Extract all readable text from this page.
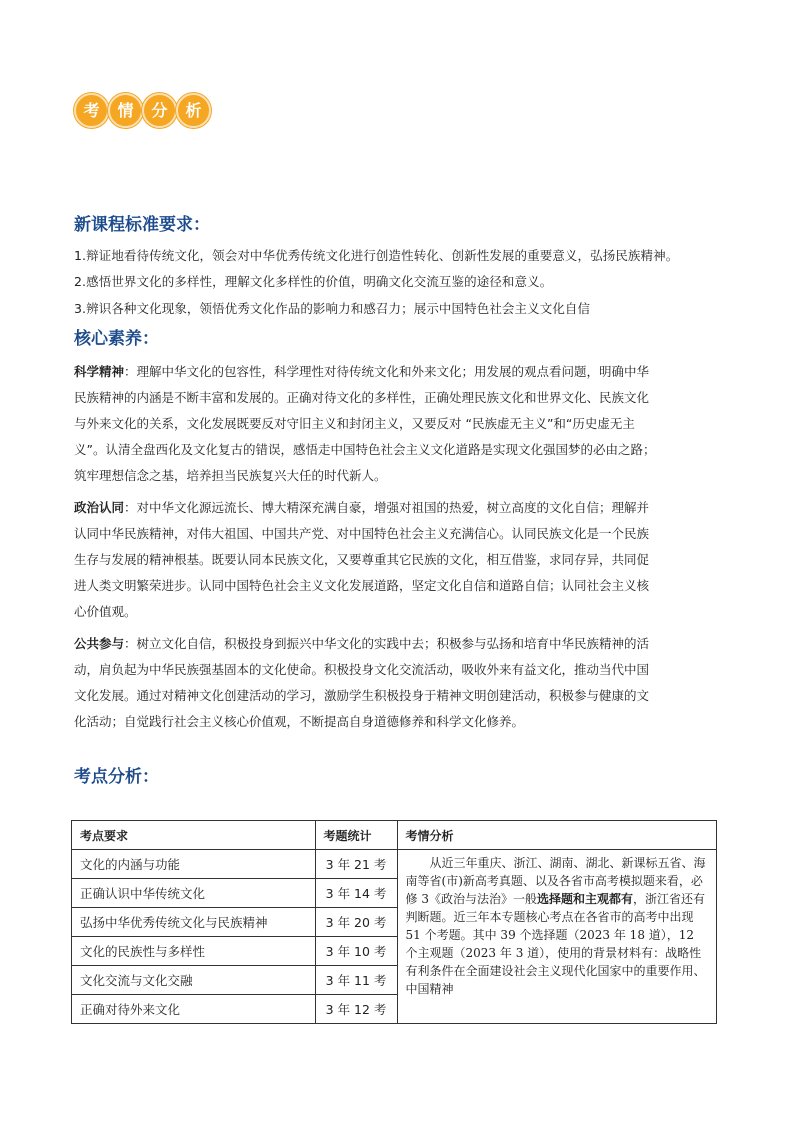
考	情	分	析
新课程标准要求：
1.辩证地看待传统文化，领会对中华优秀传统文化进行创造性转化、创新性发展的重要意义，弘扬民族精神。
2.感悟世界文化的多样性，理解文化多样性的价值，明确文化交流互鉴的途径和意义。
3.辨识各种文化现象，领悟优秀文化作品的影响力和感召力；展示中国特色社会主义文化自信
核心素养：
科学精神：理解中华文化的包容性，科学理性对待传统文化和外来文化；用发展的观点看问题，明确中华
民族精神的内涵是不断丰富和发展的。正确对待文化的多样性，正确处理民族文化和世界文化、民族文化
与外来文化的关系，文化发展既要反对守旧主义和封闭主义，又要反对 “民族虚无主义”和“历史虚无主
义”。认清全盘西化及文化复古的错误，感悟走中国特色社会主义文化道路是实现文化强国梦的必由之路；
筑牢理想信念之基，培养担当民族复兴大任的时代新人。
政治认同：对中华文化源远流长、博大精深充满自豪，增强对祖国的热爱，树立高度的文化自信；理解并
认同中华民族精神，对伟大祖国、中国共产党、对中国特色社会主义充满信心。认同民族文化是一个民族
生存与发展的精神根基。既要认同本民族文化，又要尊重其它民族的文化，相互借鉴，求同存异，共同促
进人类文明繁荣进步。认同中国特色社会主义文化发展道路，坚定文化自信和道路自信；认同社会主义核
心价值观。
公共参与：树立文化自信，积极投身到振兴中华文化的实践中去；积极参与弘扬和培育中华民族精神的活
动，肩负起为中华民族强基固本的文化使命。积极投身文化交流活动，吸收外来有益文化，推动当代中国
文化发展。通过对精神文化创建活动的学习，激励学生积极投身于精神文明创建活动，积极参与健康的文
化活动；自觉践行社会主义核心价值观，不断提高自身道德修养和科学文化修养。
考点分析：
考点要求	考题统计	考情分析
文化的内涵与功能	3 年 21 考	　　从近三年重庆、浙江、湖南、湖北、新课标五省、海南等省(市)新高考真题、以及各省市高考模拟题来看，必修 3《政治与法治》一般选择题和主观都有，浙江省还有判断题。近三年本专题核心考点在各省市的高考中出现 51 个考题。其中 39 个选择题（2023 年 18 道），12 个主观题（2023 年 3 道），使用的背景材料有：战略性有利条件在全面建设社会主义现代化国家中的重要作用、中国精神
正确认识中华传统文化	3 年 14 考	
弘扬中华优秀传统文化与民族精神	3 年 20 考	
文化的民族性与多样性	3 年 10 考	
文化交流与文化交融	3 年 11 考	
正确对待外来文化	3 年 12 考	
